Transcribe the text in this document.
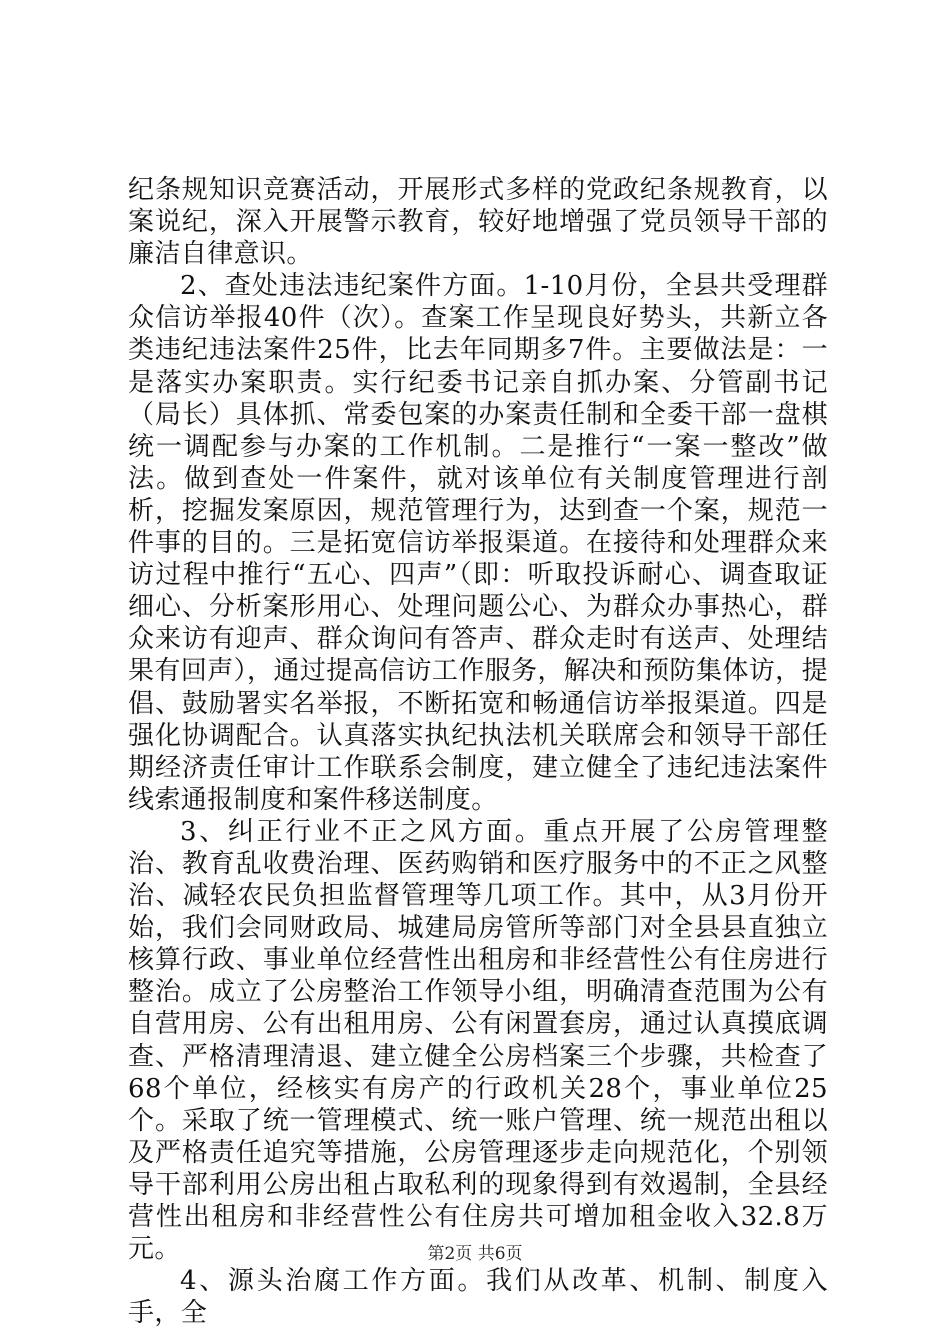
纪条规知识竞赛活动，开展形式多样的党政纪条规教育，以案说纪，深入开展警示教育，较好地增强了党员领导干部的廉洁自律意识。

2、查处违法违纪案件方面。1-10月份，全县共受理群众信访举报40件（次）。查案工作呈现良好势头，共新立各类违纪违法案件25件，比去年同期多7件。主要做法是：一是落实办案职责。实行纪委书记亲自抓办案、分管副书记（局长）具体抓、常委包案的办案责任制和全委干部一盘棋统一调配参与办案的工作机制。二是推行“一案一整改”做法。做到查处一件案件，就对该单位有关制度管理进行剖析，挖掘发案原因，规范管理行为，达到查一个案，规范一件事的目的。三是拓宽信访举报渠道。在接待和处理群众来访过程中推行“五心、四声”（即：听取投诉耐心、调查取证细心、分析案形用心、处理问题公心、为群众办事热心，群众来访有迎声、群众询问有答声、群众走时有送声、处理结果有回声），通过提高信访工作服务，解决和预防集体访，提倡、鼓励署实名举报，不断拓宽和畅通信访举报渠道。四是强化协调配合。认真落实执纪执法机关联席会和领导干部任期经济责任审计工作联系会制度，建立健全了违纪违法案件线索通报制度和案件移送制度。

3、纠正行业不正之风方面。重点开展了公房管理整治、教育乱收费治理、医药购销和医疗服务中的不正之风整治、减轻农民负担监督管理等几项工作。其中，从3月份开始，我们会同财政局、城建局房管所等部门对全县县直独立核算行政、事业单位经营性出租房和非经营性公有住房进行整治。成立了公房整治工作领导小组，明确清查范围为公有自营用房、公有出租用房、公有闲置套房，通过认真摸底调查、严格清理清退、建立健全公房档案三个步骤，共检查了68个单位，经核实有房产的行政机关28个，事业单位25个。采取了统一管理模式、统一账户管理、统一规范出租以及严格责任追究等措施，公房管理逐步走向规范化，个别领导干部利用公房出租占取私利的现象得到有效遏制，全县经营性出租房和非经营性公有住房共可增加租金收入32.8万元。

4、源头治腐工作方面。我们从改革、机制、制度入手，全

第2页 共6页
